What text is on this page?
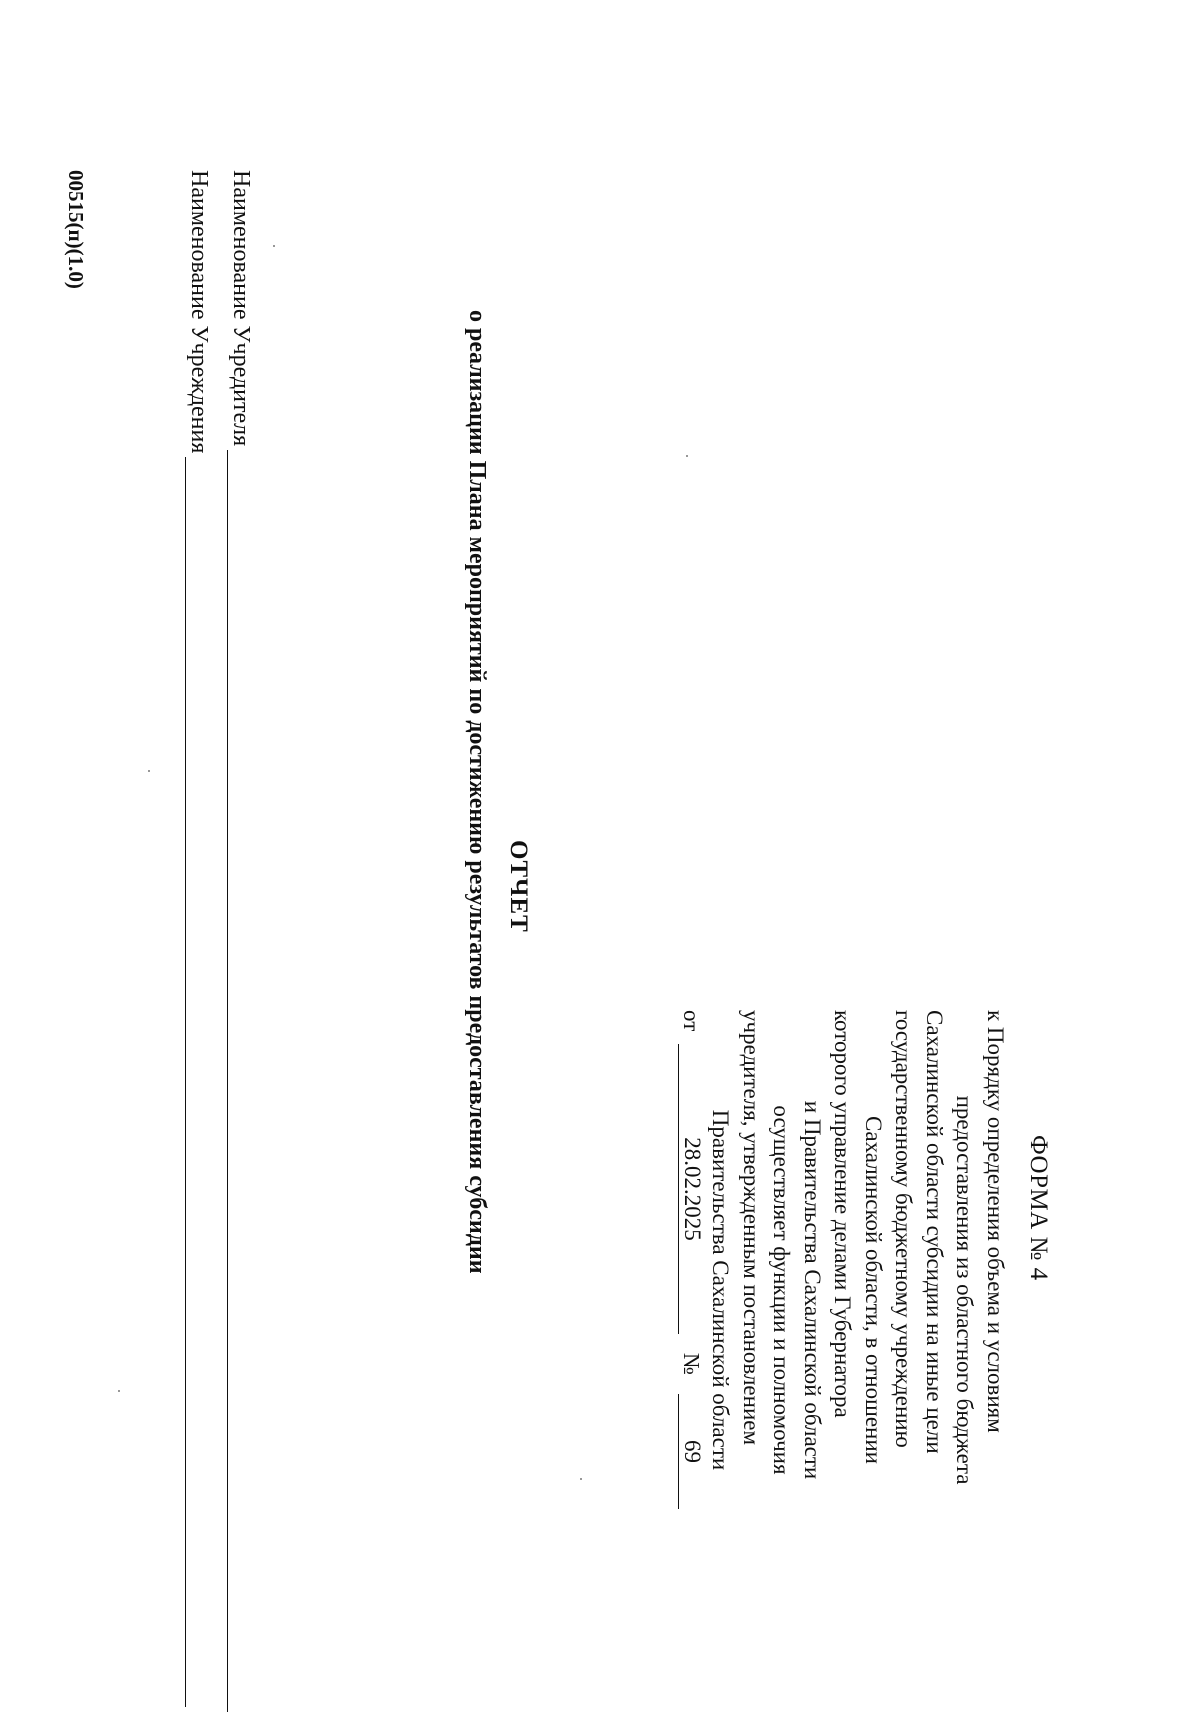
ФОРМА № 4
к Порядку определения объема и условиям
предоставления из областного бюджета
Сахалинской области субсидии на иные цели
государственному бюджетному учреждению
Сахалинской области, в отношении
которого управление делами Губернатора
и Правительства Сахалинской области
осуществляет функции и полномочия
учредителя, утвержденным постановлением
Правительства Сахалинской области
от
28.02.2025
№
69
ОТЧЕТ
о реализации Плана мероприятий по достижению результатов предоставления субсидии
Наименование Учредителя
Наименование Учреждения
00515(п)(1.0)
